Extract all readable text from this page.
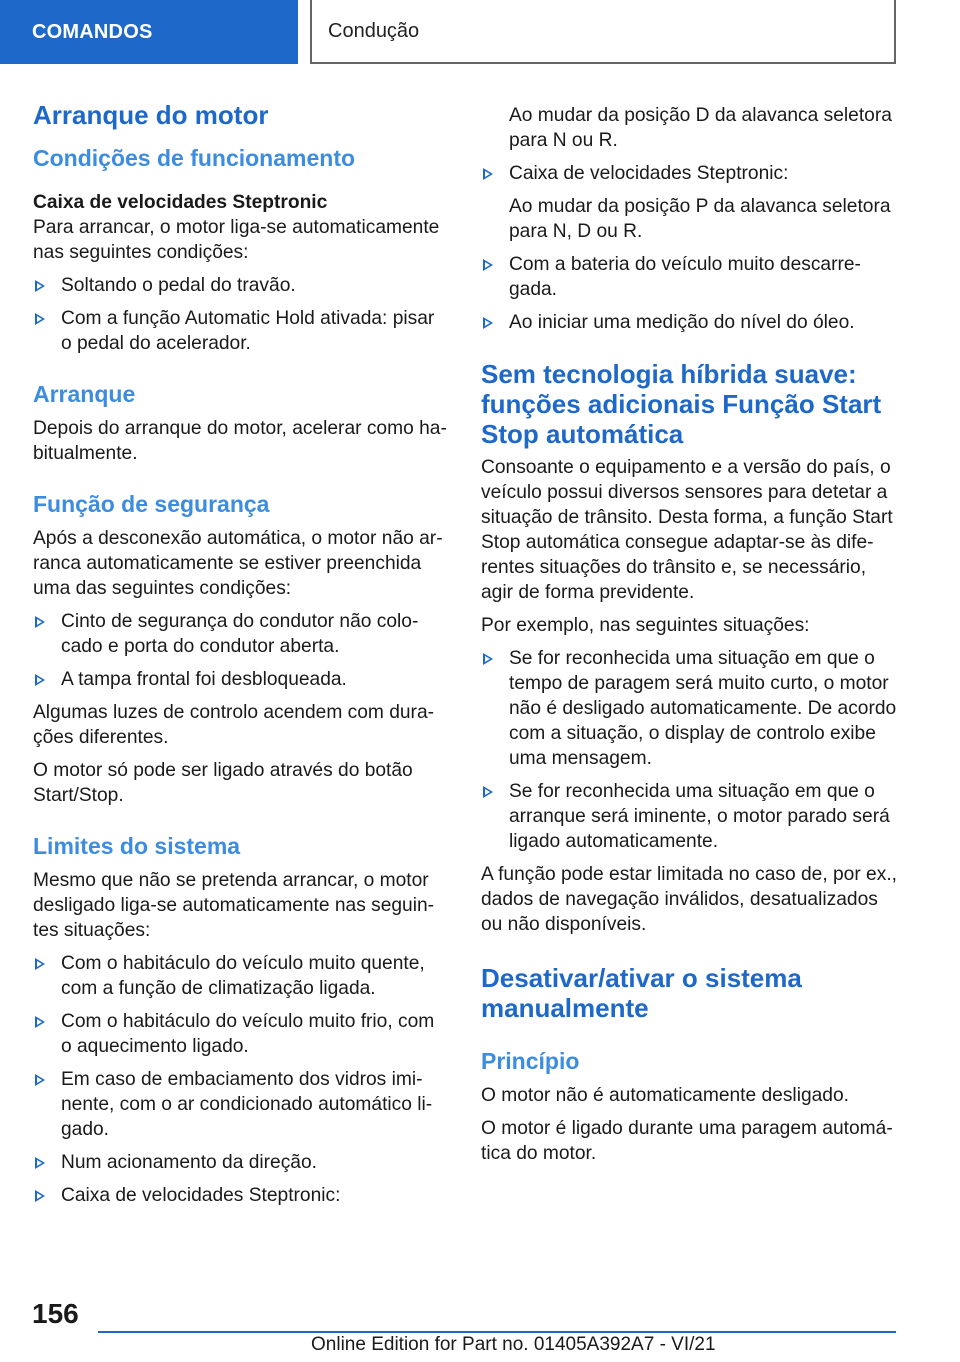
COMANDOS	Condução
Arranque do motor
Condições de funcionamento
Caixa de velocidades Steptronic
Para arrancar, o motor liga-se automaticamente nas seguintes condições:
Soltando o pedal do travão.
Com a função Automatic Hold ativada: pisar o pedal do acelerador.
Arranque
Depois do arranque do motor, acelerar como habitualmente.
Função de segurança
Após a desconexão automática, o motor não arranca automaticamente se estiver preenchida uma das seguintes condições:
Cinto de segurança do condutor não colocado e porta do condutor aberta.
A tampa frontal foi desbloqueada.
Algumas luzes de controlo acendem com durações diferentes.
O motor só pode ser ligado através do botão Start/Stop.
Limites do sistema
Mesmo que não se pretenda arrancar, o motor desligado liga-se automaticamente nas seguintes situações:
Com o habitáculo do veículo muito quente, com a função de climatização ligada.
Com o habitáculo do veículo muito frio, com o aquecimento ligado.
Em caso de embaciamento dos vidros iminente, com o ar condicionado automático ligado.
Num acionamento da direção.
Caixa de velocidades Steptronic:
Ao mudar da posição D da alavanca seletora para N ou R.
Caixa de velocidades Steptronic:
Ao mudar da posição P da alavanca seletora para N, D ou R.
Com a bateria do veículo muito descarregada.
Ao iniciar uma medição do nível do óleo.
Sem tecnologia híbrida suave: funções adicionais Função Start Stop automática
Consoante o equipamento e a versão do país, o veículo possui diversos sensores para detetar a situação de trânsito. Desta forma, a função Start Stop automática consegue adaptar-se às diferentes situações do trânsito e, se necessário, agir de forma previdente.
Por exemplo, nas seguintes situações:
Se for reconhecida uma situação em que o tempo de paragem será muito curto, o motor não é desligado automaticamente. De acordo com a situação, o display de controlo exibe uma mensagem.
Se for reconhecida uma situação em que o arranque será iminente, o motor parado será ligado automaticamente.
A função pode estar limitada no caso de, por ex., dados de navegação inválidos, desatualizados ou não disponíveis.
Desativar/ativar o sistema manualmente
Princípio
O motor não é automaticamente desligado.
O motor é ligado durante uma paragem automática do motor.
156
Online Edition for Part no. 01405A392A7 - VI/21
